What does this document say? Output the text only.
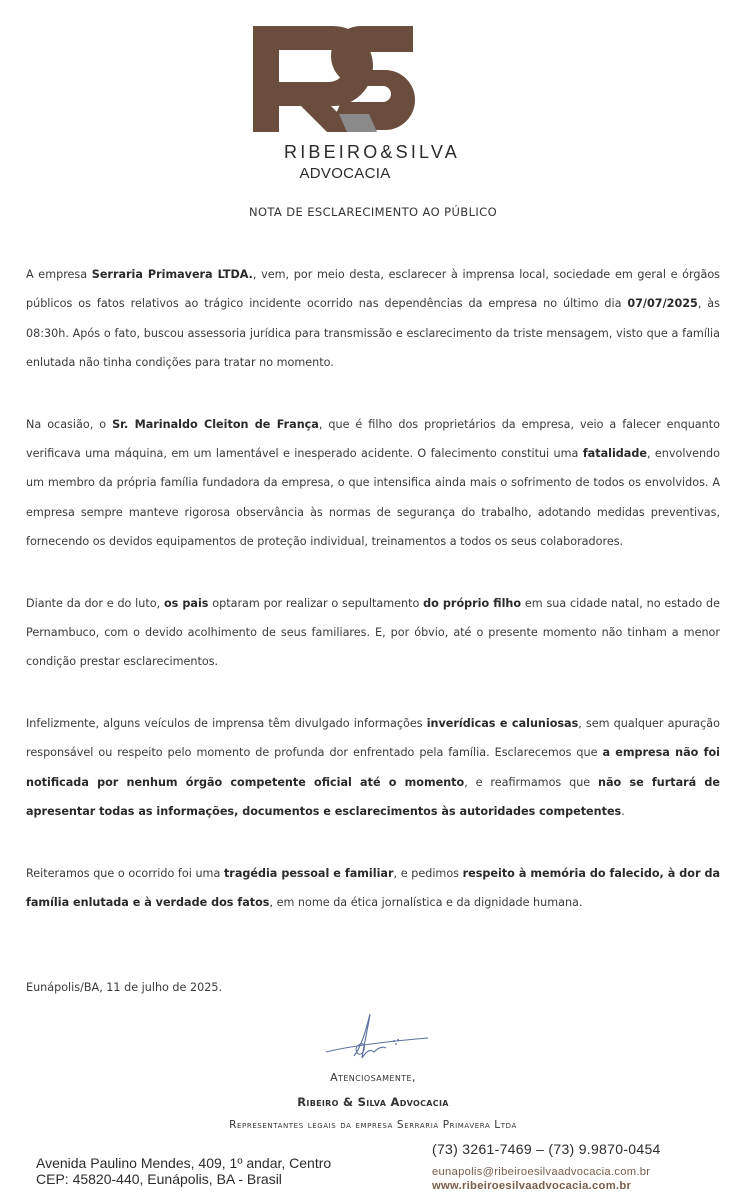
RIBEIRO&SILVA
ADVOCACIA
NOTA DE ESCLARECIMENTO AO PÚBLICO

A empresa Serraria Primavera LTDA., vem, por meio desta, esclarecer à imprensa local, sociedade em geral e órgãos públicos os fatos relativos ao trágico incidente ocorrido nas dependências da empresa no último dia 07/07/2025, às 08:30h. Após o fato, buscou assessoria jurídica para transmissão e esclarecimento da triste mensagem, visto que a família enlutada não tinha condições para tratar no momento.

Na ocasião, o Sr. Marinaldo Cleiton de França, que é filho dos proprietários da empresa, veio a falecer enquanto verificava uma máquina, em um lamentável e inesperado acidente. O falecimento constitui uma fatalidade, envolvendo um membro da própria família fundadora da empresa, o que intensifica ainda mais o sofrimento de todos os envolvidos. A empresa sempre manteve rigorosa observância às normas de segurança do trabalho, adotando medidas preventivas, fornecendo os devidos equipamentos de proteção individual, treinamentos a todos os seus colaboradores.

Diante da dor e do luto, os pais optaram por realizar o sepultamento do próprio filho em sua cidade natal, no estado de Pernambuco, com o devido acolhimento de seus familiares. E, por óbvio, até o presente momento não tinham a menor condição prestar esclarecimentos.

Infelizmente, alguns veículos de imprensa têm divulgado informações inverídicas e caluniosas, sem qualquer apuração responsável ou respeito pelo momento de profunda dor enfrentado pela família. Esclarecemos que a empresa não foi notificada por nenhum órgão competente oficial até o momento, e reafirmamos que não se furtará de apresentar todas as informações, documentos e esclarecimentos às autoridades competentes.

Reiteramos que o ocorrido foi uma tragédia pessoal e familiar, e pedimos respeito à memória do falecido, à dor da família enlutada e à verdade dos fatos, em nome da ética jornalística e da dignidade humana.

Eunápolis/BA, 11 de julho de 2025.
Atenciosamente,
Ribeiro & Silva Advocacia
Representantes legais da empresa Serraria Primavera Ltda
Avenida Paulino Mendes, 409, 1º andar, Centro
CEP: 45820-440, Eunápolis, BA - Brasil
(73) 3261-7469 – (73) 9.9870-0454
eunapolis@ribeiroesilvaadvocacia.com.br
www.ribeiroesilvaadvocacia.com.br
